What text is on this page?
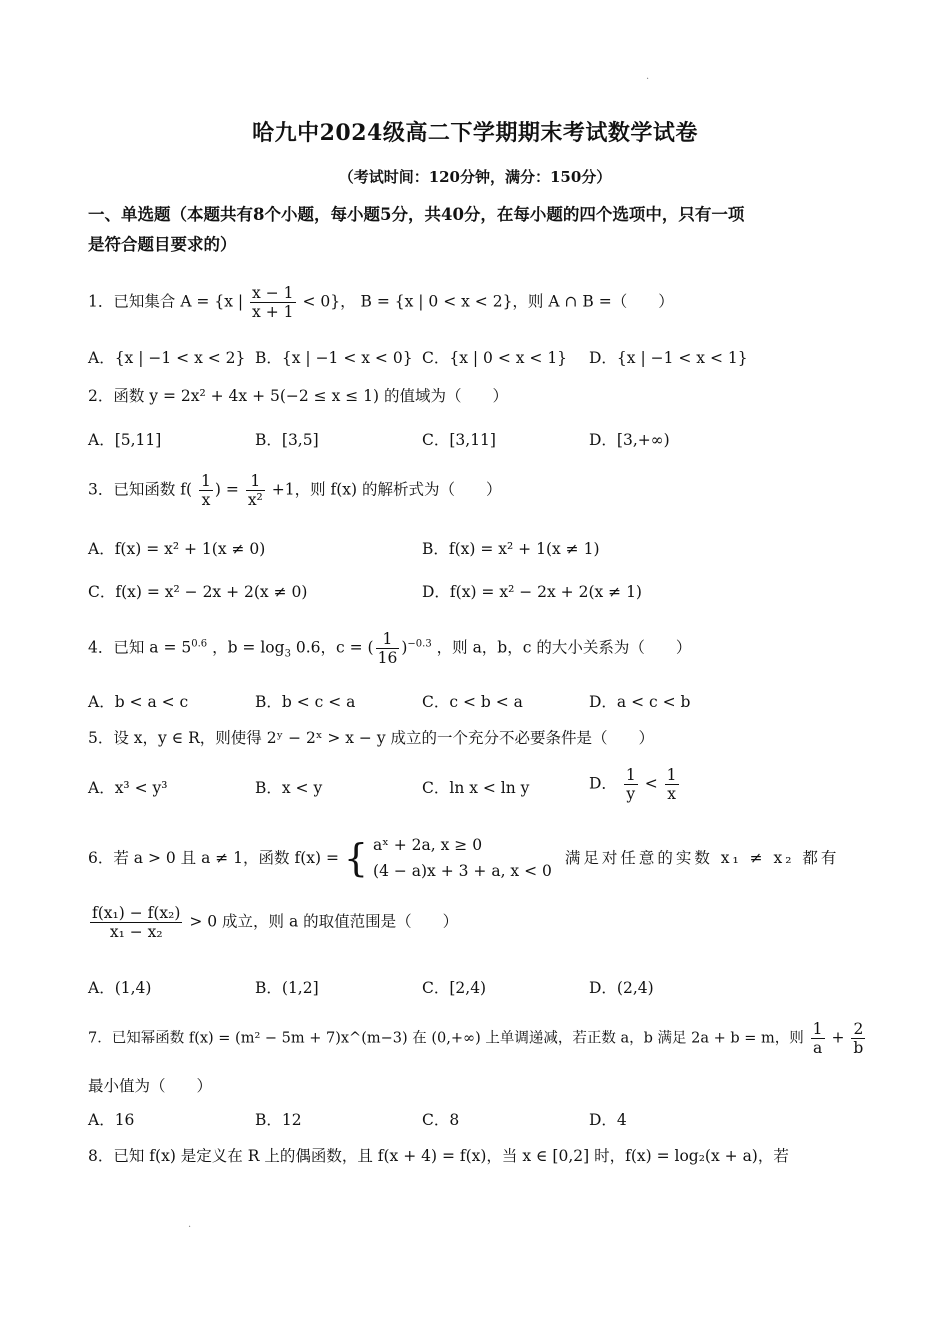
·
哈九中2024级高二下学期期末考试数学试卷
（考试时间：120分钟，满分：150分）
一、单选题（本题共有8个小题，每小题5分，共40分，在每小题的四个选项中，只有一项
是符合题目要求的）
1．已知集合 A = {x | $\frac{x - 1}{x + 1} < 0$}， B = {x | 0 < x < 2}，则 A ∩ B =（　　）
A．{x | −1 < x < 2} B．{x | −1 < x < 0} C．{x | 0 < x < 1} D．{x | −1 < x < 1}
2．函数 y = 2x² + 4x + 5(−2 ≤ x ≤ 1) 的值域为（　　）
A．[5,11]	B．[3,5]	C．[3,11]	D．[3,+∞)
3．已知函数 $f( \frac{1}{x}$ ) = $\frac{1}{\text{x²}} +1$，则 f(x) 的解析式为（　　）
A．f(x) = x² + 1(x ≠ 0)	B．f(x) = x² + 1(x ≠ 1)
C．f(x) = x² − 2x + 2(x ≠ 0)	D．f(x) = x² − 2x + 2(x ≠ 1)
4．已知 $a = 5^{0.6}$ ，$b = \log_3 0.6$，c = ( $\frac{1}{16} )^{-0.3}$ ，则 a，b，c 的大小关系为（　　）
A．b < a < c	B．b < c < a	C．c < b < a	D．a < c < b
5．设 x，y ∈ R，则使得 2ʸ − 2ˣ > x − y 成立的一个充分不必要条件是（　　）
A．x³ < y³	B．x < y	C．ln x < ln y	D． $\frac{1}{y} < \frac{1}{x}$
6．若 a > 0 且 a ≠ 1，函数 f(x) = { aˣ + 2a, x ≥ 0
(4 − a)x + 3 + a, x < 0
满足对任意的实数 x₁ ≠ x₂ 都有
$\frac{\text{f(x₁) − f(x₂)}}{\text{x₁ − x₂}} > 0$ 成立，则 a 的取值范围是（　　）
A．(1,4)	B．(1,2]	C．[2,4)	D．(2,4)
7．已知幂函数 f(x) = (m² − 5m + 7)x^(m−3) 在 (0,+∞) 上单调递减，若正数 a，b 满足 2a + b = m，则 $\frac{1}{a} + \frac{2}{b}$
最小值为（　　）
A．16	B．12	C．8	D．4
8．已知 f(x) 是定义在 R 上的偶函数，且 f(x + 4) = f(x)，当 x ∈ [0,2] 时，f(x) = log₂(x + a)，若
·
